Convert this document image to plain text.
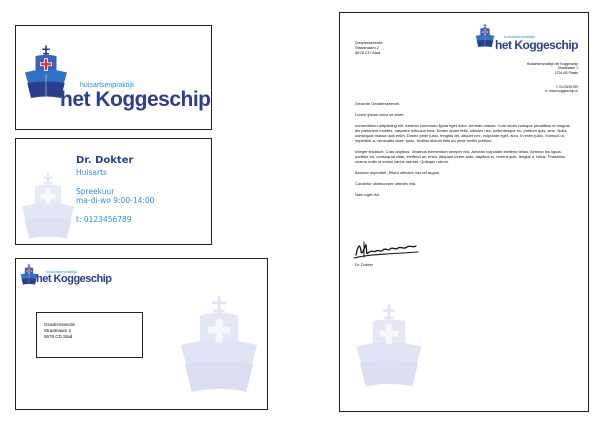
huisartsenpraktijk
het Koggeschip
Dr. Dokter
Huisarts
Spreekuur
ma-di-wo 9:00-14:00
t: 0123456789
huisartsenpraktijk
het Koggeschip
Geadresseerde
Straatnaam 2
5678 CD Stad
huisartsenpraktijk
het Koggeschip
Geadresseerde
Straatnaam 2
5678 CD Stad
Huisartsenpraktijk het Koggeschip
Straatnaam 1
1234 AB Plaats
t: 0123456789
e: www.koggeschip.nl

Geachte Geadresseerde,

Lorem ipsum dolor sit amet,

consectetuer adipiscing elit. Aenean commodo ligula eget dolor. Aenean massa. Cum sociis natoque penatibus et magnis dis parturient montes, nascetur ridiculus mus. Donec quam felis, ultricies nec, pellentesque eu, pretium quis, sem. Nulla consequat massa quis enim. Donec pede justo, fringilla vel, aliquet nec, vulputate eget, arcu. In enim justo, rhoncus ut, imperdiet a, venenatis vitae, justo. Nullam dictum felis eu pede mollis pretium.

Integer tincidunt. Cras dapibus. Vivamus elementum semper nisi. Aenean vulputate eleifend tellus. Aenean leo ligula, porttitor eu, consequat vitae, eleifend ac, enim. Aliquam lorem ante, dapibus in, viverra quis, feugiat a, tellus. Phasellus viverra nulla ut metus varius laoreet. Quisque rutrum.

Aenean imperdiet. Etiam ultricies nisi vel augue.

Curabitur ullamcorper ultricies nisi.

Nam eget dui.

Dr. Dokter
